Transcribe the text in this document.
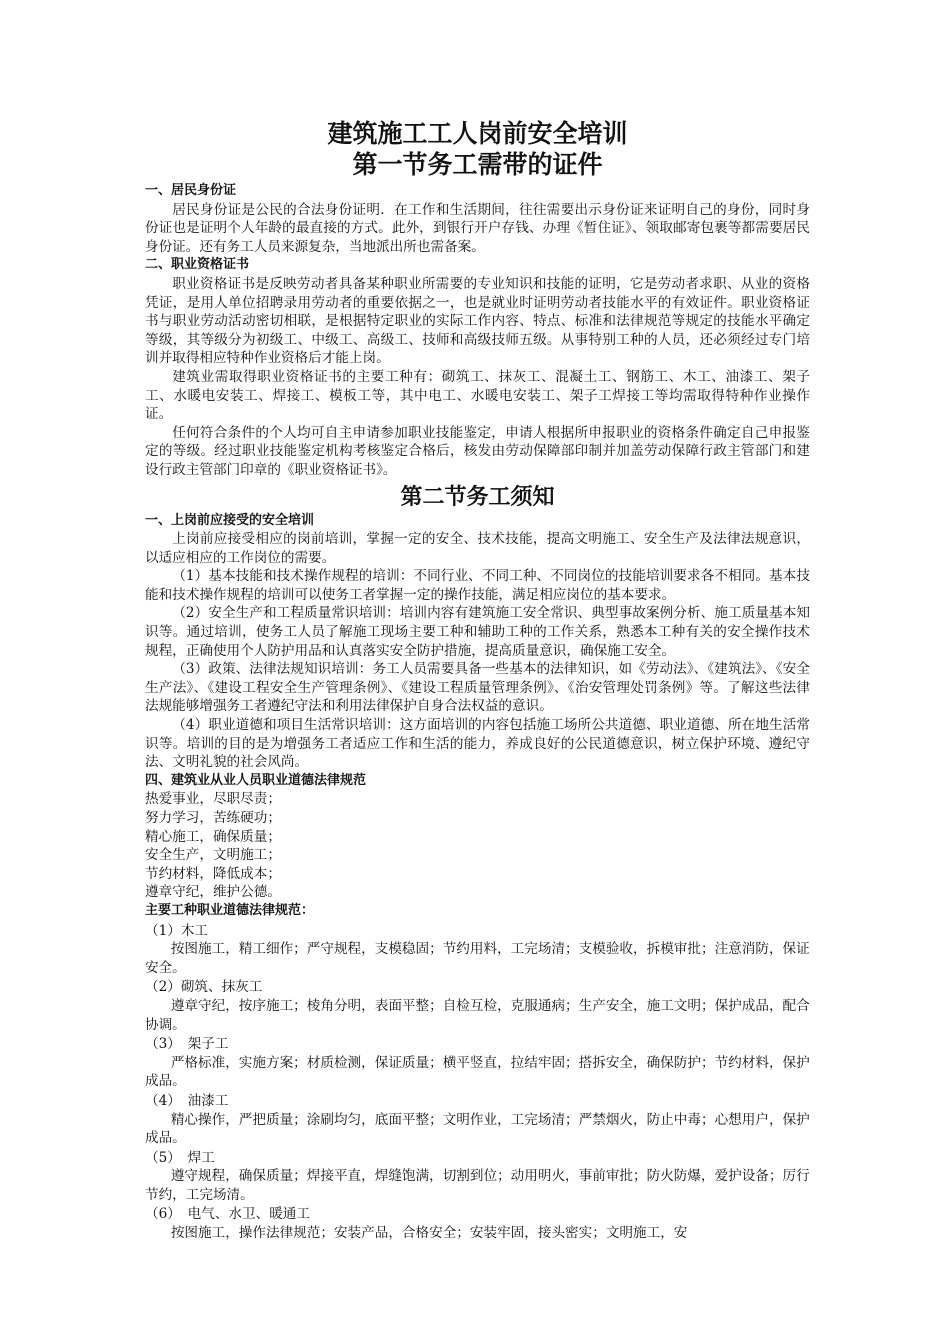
建筑施工工人岗前安全培训
第一节务工需带的证件

一、居民身份证

居民身份证是公民的合法身份证明．在工作和生活期间，往往需要出示身份证来证明自己的身份，同时身份证也是证明个人年龄的最直接的方式。此外，到银行开户存钱、办理《暂住证》、领取邮寄包裹等都需要居民身份证。还有务工人员来源复杂，当地派出所也需备案。

二、职业资格证书

职业资格证书是反映劳动者具备某种职业所需要的专业知识和技能的证明，它是劳动者求职、从业的资格凭证，是用人单位招聘录用劳动者的重要依据之一，也是就业时证明劳动者技能水平的有效证件。职业资格证书与职业劳动活动密切相联，是根据特定职业的实际工作内容、特点、标准和法律规范等规定的技能水平确定等级，其等级分为初级工、中级工、高级工、技师和高级技师五级。从事特别工种的人员，还必须经过专门培训并取得相应特种作业资格后才能上岗。

建筑业需取得职业资格证书的主要工种有：砌筑工、抹灰工、混凝土工、钢筋工、木工、油漆工、架子工、水暖电安装工、焊接工、模板工等，其中电工、水暖电安装工、架子工焊接工等均需取得特种作业操作证。

任何符合条件的个人均可自主申请参加职业技能鉴定，申请人根据所申报职业的资格条件确定自己申报鉴定的等级。经过职业技能鉴定机构考核鉴定合格后，核发由劳动保障部印制并加盖劳动保障行政主管部门和建设行政主管部门印章的《职业资格证书》。

第二节务工须知

一、上岗前应接受的安全培训

上岗前应接受相应的岗前培训，掌握一定的安全、技术技能，提高文明施工、安全生产及法律法规意识，以适应相应的工作岗位的需要。

（1）基本技能和技术操作规程的培训：不同行业、不同工种、不同岗位的技能培训要求各不相同。基本技能和技术操作规程的培训可以使务工者掌握一定的操作技能，满足相应岗位的基本要求。

（2）安全生产和工程质量常识培训：培训内容有建筑施工安全常识、典型事故案例分析、施工质量基本知识等。通过培训，使务工人员了解施工现场主要工种和辅助工种的工作关系，熟悉本工种有关的安全操作技术规程，正确使用个人防护用品和认真落实安全防护措施，提高质量意识，确保施工安全。

（3）政策、法律法规知识培训：务工人员需要具备一些基本的法律知识，如《劳动法》、《建筑法》、《安全生产法》、《建设工程安全生产管理条例》、《建设工程质量管理条例》、《治安管理处罚条例》等。了解这些法律法规能够增强务工者遵纪守法和利用法律保护自身合法权益的意识。

（4）职业道德和项目生活常识培训：这方面培训的内容包括施工场所公共道德、职业道德、所在地生活常识等。培训的目的是为增强务工者适应工作和生活的能力，养成良好的公民道德意识，树立保护环境、遵纪守法、文明礼貌的社会风尚。

四、建筑业从业人员职业道德法律规范

热爱事业，尽职尽责；

努力学习，苦练硬功；

精心施工，确保质量；

安全生产，文明施工；

节约材料，降低成本；

遵章守纪，维护公德。

主要工种职业道德法律规范：

（1）木工

按图施工，精工细作；严守规程，支模稳固；节约用料，工完场清；支模验收，拆模审批；注意消防，保证安全。

（2）砌筑、抹灰工

遵章守纪，按序施工；棱角分明，表面平整；自检互检，克服通病；生产安全，施工文明；保护成品，配合协调。

（3）　架子工

严格标准，实施方案；材质检测，保证质量；横平竖直，拉结牢固；搭拆安全，确保防护；节约材料，保护成品。

（4）　油漆工

精心操作，严把质量；涂刷均匀，底面平整；文明作业，工完场清；严禁烟火，防止中毒；心想用户，保护成品。

（5）　焊工

遵守规程，确保质量；焊接平直，焊缝饱满，切割到位；动用明火，事前审批；防火防爆，爱护设备；厉行节约，工完场清。

（6）　电气、水卫、暖通工

按图施工，操作法律规范；安装产品，合格安全；安装牢固，接头密实；文明施工，安
